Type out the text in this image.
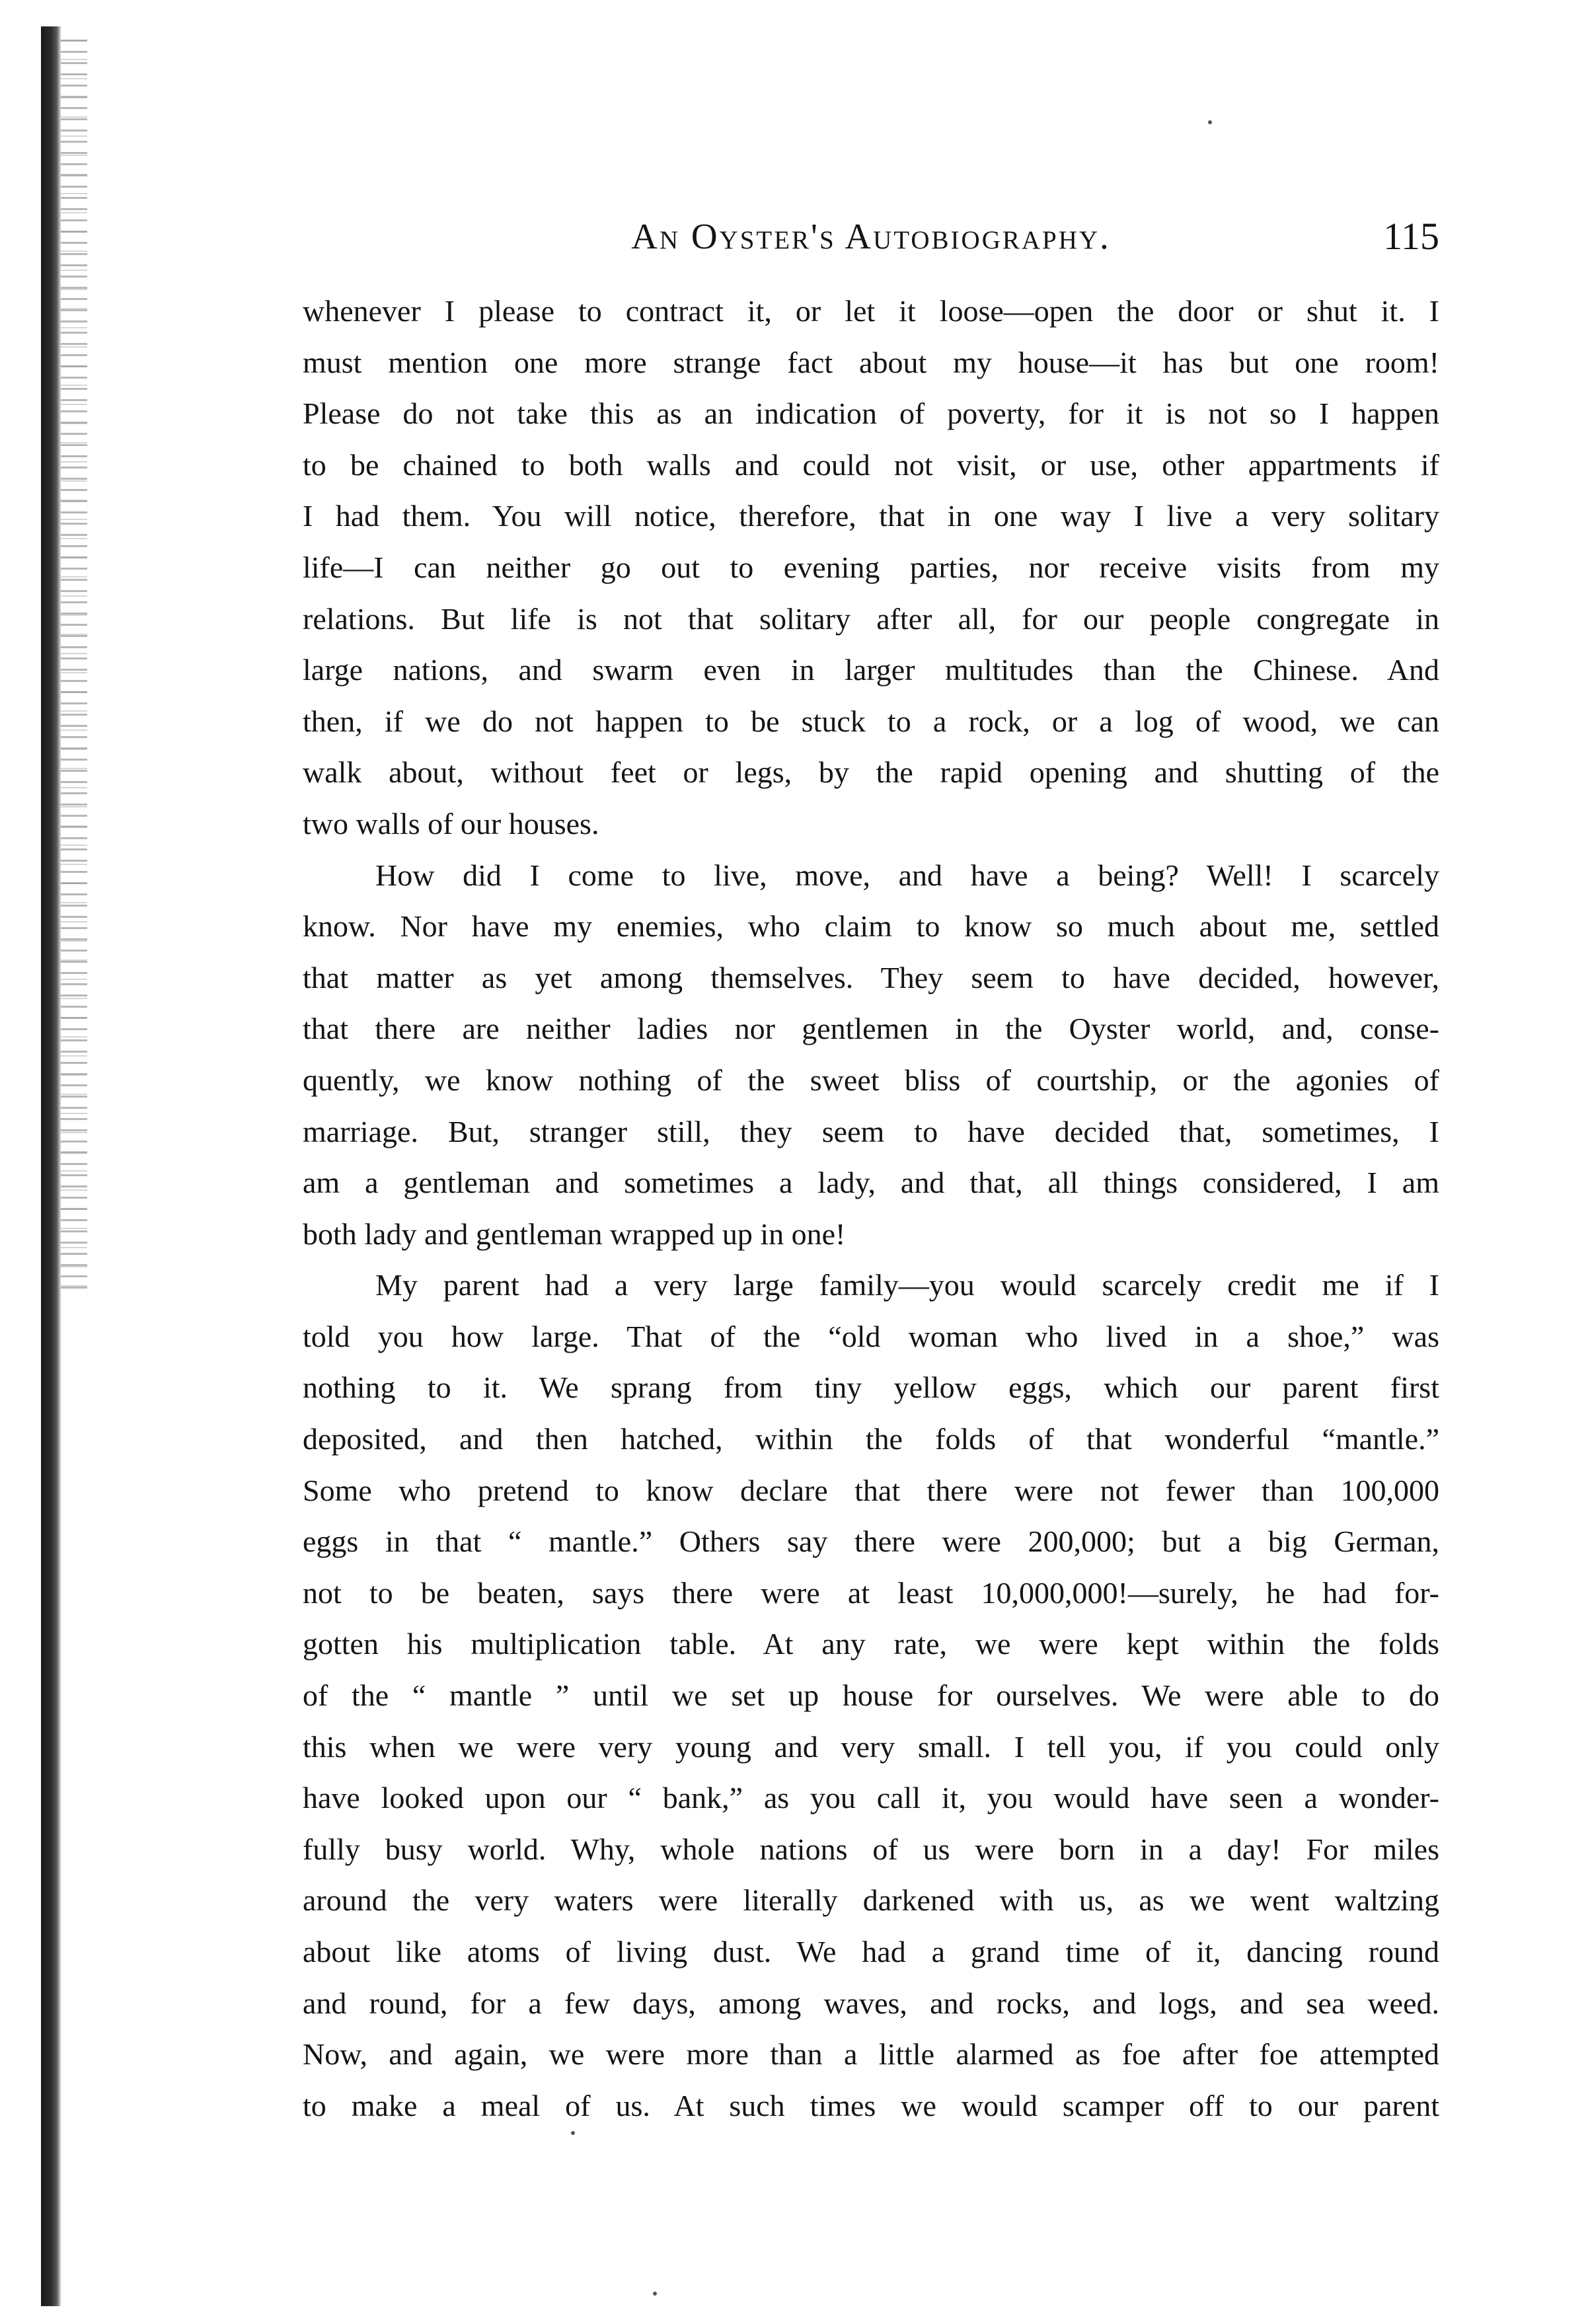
An Oyster's Autobiography.	115
whenever I please to contract it, or let it loose—open the door or shut it. I
must mention one more strange fact about my house—it has but one room!
Please do not take this as an indication of poverty, for it is not so I happen
to be chained to both walls and could not visit, or use, other appartments if
I had them. You will notice, therefore, that in one way I live a very solitary
life—I can neither go out to evening parties, nor receive visits from my
relations. But life is not that solitary after all, for our people congregate in
large nations, and swarm even in larger multitudes than the Chinese. And
then, if we do not happen to be stuck to a rock, or a log of wood, we can
walk about, without feet or legs, by the rapid opening and shutting of the
two walls of our houses.
How did I come to live, move, and have a being? Well! I scarcely
know. Nor have my enemies, who claim to know so much about me, settled
that matter as yet among themselves. They seem to have decided, however,
that there are neither ladies nor gentlemen in the Oyster world, and, conse-
quently, we know nothing of the sweet bliss of courtship, or the agonies of
marriage. But, stranger still, they seem to have decided that, sometimes, I
am a gentleman and sometimes a lady, and that, all things considered, I am
both lady and gentleman wrapped up in one!
My parent had a very large family—you would scarcely credit me if I
told you how large. That of the “old woman who lived in a shoe,” was
nothing to it. We sprang from tiny yellow eggs, which our parent first
deposited, and then hatched, within the folds of that wonderful “mantle.”
Some who pretend to know declare that there were not fewer than 100,000
eggs in that “ mantle.” Others say there were 200,000; but a big German,
not to be beaten, says there were at least 10,000,000!—surely, he had for-
gotten his multiplication table. At any rate, we were kept within the folds
of the “ mantle ” until we set up house for ourselves. We were able to do
this when we were very young and very small. I tell you, if you could only
have looked upon our “ bank,” as you call it, you would have seen a wonder-
fully busy world. Why, whole nations of us were born in a day! For miles
around the very waters were literally darkened with us, as we went waltzing
about like atoms of living dust. We had a grand time of it, dancing round
and round, for a few days, among waves, and rocks, and logs, and sea weed.
Now, and again, we were more than a little alarmed as foe after foe attempted
to make a meal of us. At such times we would scamper off to our parent
